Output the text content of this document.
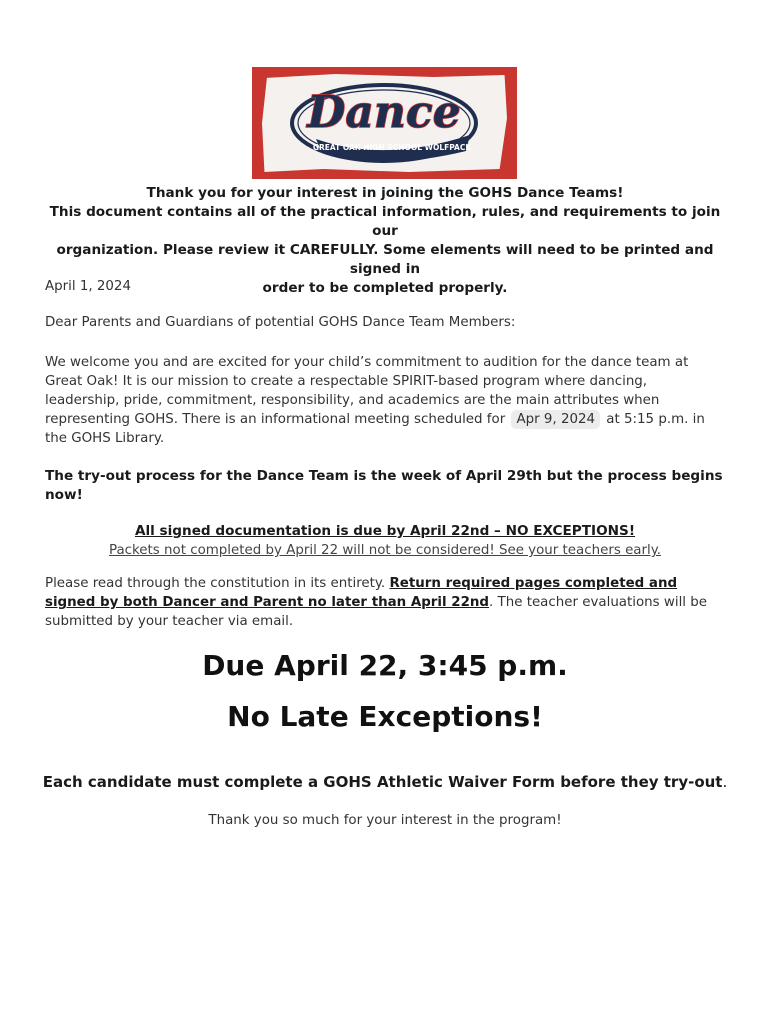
Dance
GREAT OAK HIGH SCHOOL WOLFPACK
Thank you for your interest in joining the GOHS Dance Teams!
This document contains all of the practical information, rules, and requirements to join our
organization. Please review it CAREFULLY. Some elements will need to be printed and signed in
order to be completed properly.
April 1, 2024
Dear Parents and Guardians of potential GOHS Dance Team Members:
We welcome you and are excited for your child’s commitment to audition for the dance team at Great Oak! It is our mission to create a respectable SPIRIT-based program where dancing, leadership, pride, commitment, responsibility, and academics are the main attributes when representing GOHS. There is an informational meeting scheduled for Apr 9, 2024 at 5:15 p.m. in the GOHS Library.
The try-out process for the Dance Team is the week of April 29th but the process begins now!
All signed documentation is due by April 22nd – NO EXCEPTIONS!
Packets not completed by April 22 will not be considered! See your teachers early.
Please read through the constitution in its entirety. Return required pages completed and signed by both Dancer and Parent no later than April 22nd. The teacher evaluations will be submitted by your teacher via email.
Due April 22, 3:45 p.m.
No Late Exceptions!
Each candidate must complete a GOHS Athletic Waiver Form before they try-out.
Thank you so much for your interest in the program!
